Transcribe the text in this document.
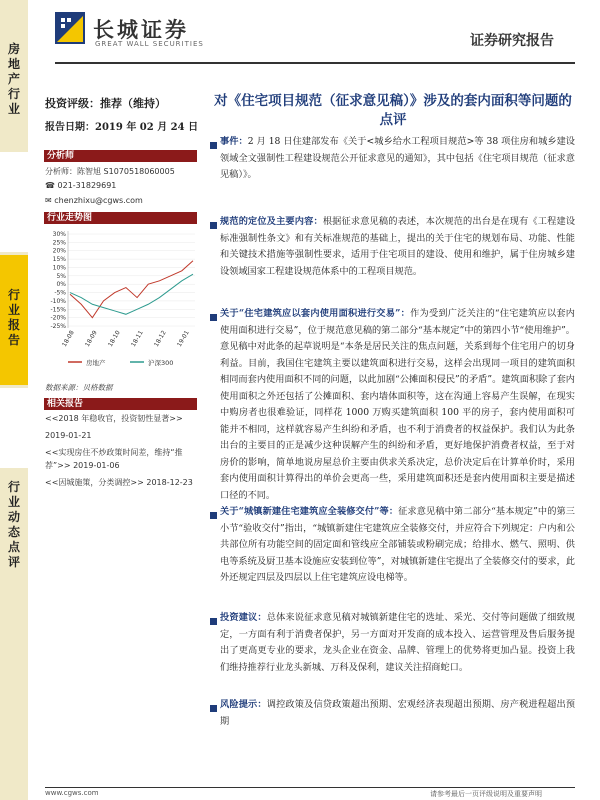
房地产行业
行业报告
行业动态点评
长城证券
GREAT WALL SECURITIES	证券研究报告
投资评级：推荐（维持）
报告日期：2019 年 02 月 24 日
分析师
分析师：陈智旭 S1070518060005
☎ 021-31829691
✉ chenzhixu@cgws.com
行业走势图
30%
25%
20%
15%
10%
5%
0%
-5%
-10%
-15%
-20%
-25%
18-08 18-09 18-10 18-11 18-12 19-01
房地产	沪深300
数据来源：贝格数据
相关报告
<<2018 年稳收官，投资韧性显著>>
2019-01-21
<<实现房住不炒政策时间差，维持“推荐”>> 2019-01-06
<<因城施策，分类调控>> 2018-12-23
对《住宅项目规范（征求意见稿）》涉及的套内面积等问题的点评
事件：2 月 18 日住建部发布《关于<城乡给水工程项目规范>等 38 项住房和城乡建设领域全文强制性工程建设规范公开征求意见的通知》，其中包括《住宅项目规范（征求意见稿）》。
规范的定位及主要内容：根据征求意见稿的表述，本次规范的出台是在现有《工程建设标准强制性条文》和有关标准规范的基础上，提出的关于住宅的规划布局、功能、性能和关键技术措施等强制性要求，适用于住宅项目的建设、使用和维护，属于住房城乡建设领域国家工程建设规范体系中的工程项目规范。
关于“住宅建筑应以套内使用面积进行交易”：作为受到广泛关注的“住宅建筑应以套内使用面积进行交易”，位于规范意见稿的第二部分“基本规定”中的第四小节“使用维护”。意见稿中对此条的起草说明是“本条是居民关注的焦点问题，关系到每个住宅用户的切身利益。目前，我国住宅建筑主要以建筑面积进行交易，这样会出现同一项目的建筑面积相同而套内使用面积不同的问题，以此加剧“公摊面积侵民”的矛盾”。建筑面积除了套内使用面积之外还包括了公摊面积、套内墙体面积等，这在沟通上容易产生误解，在现实中购房者也很难验证，同样花 1000 万购买建筑面积 100 平的房子，套内使用面积可能并不相同，这样就容易产生纠纷和矛盾，也不利于消费者的权益保护。我们认为此条出台的主要目的正是减少这种误解产生的纠纷和矛盾，更好地保护消费者权益，至于对房价的影响，简单地说房屋总价主要由供求关系决定，总价决定后在计算单价时，采用套内使用面积计算得出的单价会更高一些，采用建筑面积还是套内使用面积主要是描述口径的不同。
关于“城镇新建住宅建筑应全装修交付”等：征求意见稿中第二部分“基本规定”中的第三小节“验收交付”指出，“城镇新建住宅建筑应全装修交付，并应符合下列规定：户内和公共部位所有功能空间的固定面和管线应全部铺装或粉刷完成；给排水、燃气、照明、供电等系统及厨卫基本设施应安装到位等”，对城镇新建住宅提出了全装修交付的要求，此外还规定四层及四层以上住宅建筑应设电梯等。
投资建议：总体来说征求意见稿对城镇新建住宅的选址、采光、交付等问题做了细致规定，一方面有利于消费者保护，另一方面对开发商的成本投入、运营管理及售后服务提出了更高更专业的要求，龙头企业在资金、品牌、管理上的优势将更加凸显。投资上我们维持推荐行业龙头新城、万科及保利，建议关注招商蛇口。
风险提示：调控政策及信贷政策超出预期、宏观经济表现超出预期、房产税进程超出预期
www.cgws.com	请参考最后一页评级说明及重要声明
